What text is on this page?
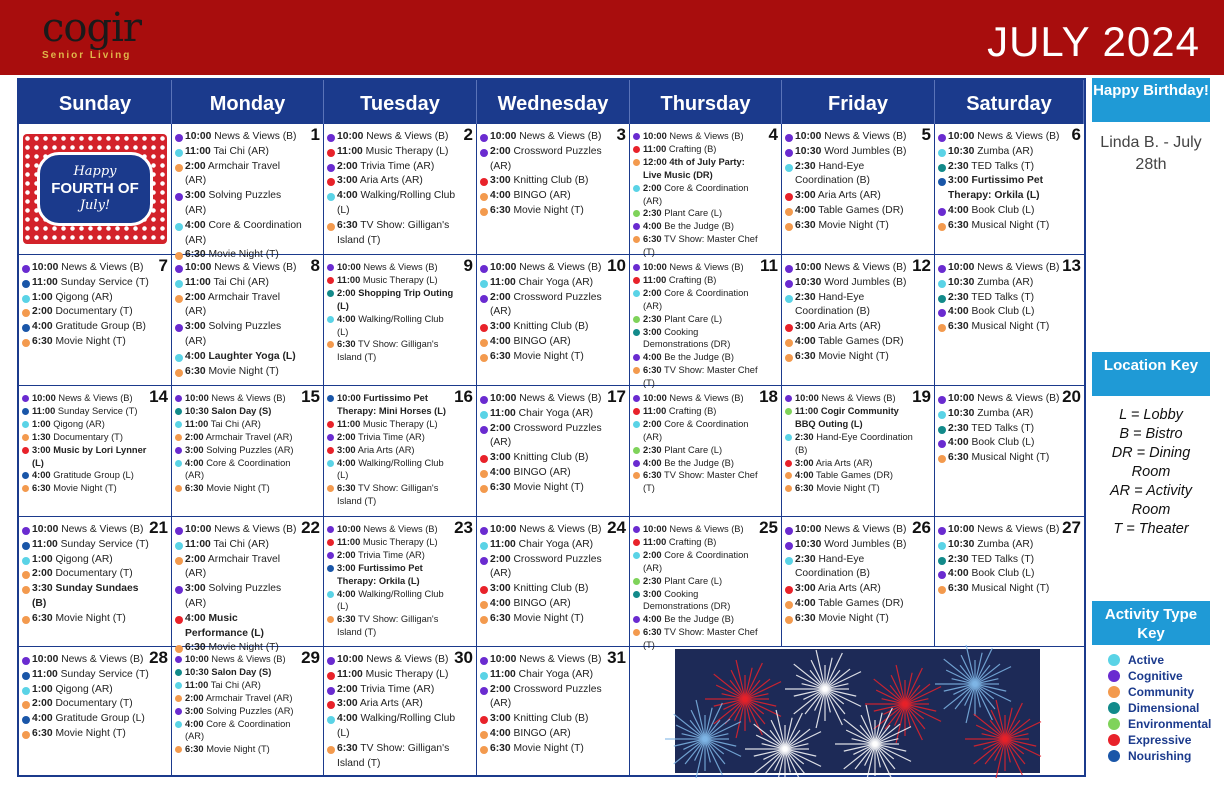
cogir
Senior Living	JULY 2024
Sunday	Monday	Tuesday	Wednesday	Thursday	Friday	Saturday
Happy
FOURTH OF
July!
1
10:00 News & Views (B)
11:00 Tai Chi (AR)
2:00 Armchair Travel (AR)
3:00 Solving Puzzles (AR)
4:00 Core & Coordination (AR)
6:30 Movie Night (T)
2
10:00 News & Views (B)
11:00 Music Therapy (L)
2:00 Trivia Time (AR)
3:00 Aria Arts (AR)
4:00 Walking/Rolling Club (L)
6:30 TV Show: Gilligan's Island (T)
3
10:00 News & Views (B)
2:00 Crossword Puzzles (AR)
3:00 Knitting Club (B)
4:00 BINGO (AR)
6:30 Movie Night (T)
4
10:00 News & Views (B)
11:00 Crafting (B)
12:00 4th of July Party: Live Music (DR)
2:00 Core & Coordination (AR)
2:30 Plant Care (L)
4:00 Be the Judge (B)
6:30 TV Show: Master Chef (T)
5
10:00 News & Views (B)
10:30 Word Jumbles (B)
2:30 Hand-Eye Coordination (B)
3:00 Aria Arts (AR)
4:00 Table Games (DR)
6:30 Movie Night (T)
6
10:00 News & Views (B)
10:30 Zumba (AR)
2:30 TED Talks (T)
3:00 Furtissimo Pet Therapy: Orkila (L)
4:00 Book Club (L)
6:30 Musical Night (T)
7
10:00 News & Views (B)
11:00 Sunday Service (T)
1:00 Qigong (AR)
2:00 Documentary (T)
4:00 Gratitude Group (B)
6:30 Movie Night (T)
8
10:00 News & Views (B)
11:00 Tai Chi (AR)
2:00 Armchair Travel (AR)
3:00 Solving Puzzles (AR)
4:00 Laughter Yoga (L)
6:30 Movie Night (T)
9
10:00 News & Views (B)
11:00 Music Therapy (L)
2:00 Shopping Trip Outing (L)
4:00 Walking/Rolling Club (L)
6:30 TV Show: Gilligan's Island (T)
10
10:00 News & Views (B)
11:00 Chair Yoga (AR)
2:00 Crossword Puzzles (AR)
3:00 Knitting Club (B)
4:00 BINGO (AR)
6:30 Movie Night (T)
11
10:00 News & Views (B)
11:00 Crafting (B)
2:00 Core & Coordination (AR)
2:30 Plant Care (L)
3:00 Cooking Demonstrations (DR)
4:00 Be the Judge (B)
6:30 TV Show: Master Chef (T)
12
10:00 News & Views (B)
10:30 Word Jumbles (B)
2:30 Hand-Eye Coordination (B)
3:00 Aria Arts (AR)
4:00 Table Games (DR)
6:30 Movie Night (T)
13
10:00 News & Views (B)
10:30 Zumba (AR)
2:30 TED Talks (T)
4:00 Book Club (L)
6:30 Musical Night (T)
14
10:00 News & Views (B)
11:00 Sunday Service (T)
1:00 Qigong (AR)
1:30 Documentary (T)
3:00 Music by Lori Lynner (L)
4:00 Gratitude Group (L)
6:30 Movie Night (T)
15
10:00 News & Views (B)
10:30 Salon Day (S)
11:00 Tai Chi (AR)
2:00 Armchair Travel (AR)
3:00 Solving Puzzles (AR)
4:00 Core & Coordination (AR)
6:30 Movie Night (T)
16
10:00 Furtissimo Pet Therapy: Mini Horses (L)
11:00 Music Therapy (L)
2:00 Trivia Time (AR)
3:00 Aria Arts (AR)
4:00 Walking/Rolling Club (L)
6:30 TV Show: Gilligan's Island (T)
17
10:00 News & Views (B)
11:00 Chair Yoga (AR)
2:00 Crossword Puzzles (AR)
3:00 Knitting Club (B)
4:00 BINGO (AR)
6:30 Movie Night (T)
18
10:00 News & Views (B)
11:00 Crafting (B)
2:00 Core & Coordination (AR)
2:30 Plant Care (L)
4:00 Be the Judge (B)
6:30 TV Show: Master Chef (T)
19
10:00 News & Views (B)
11:00 Cogir Community BBQ Outing (L)
2:30 Hand-Eye Coordination (B)
3:00 Aria Arts (AR)
4:00 Table Games (DR)
6:30 Movie Night (T)
20
10:00 News & Views (B)
10:30 Zumba (AR)
2:30 TED Talks (T)
4:00 Book Club (L)
6:30 Musical Night (T)
21
10:00 News & Views (B)
11:00 Sunday Service (T)
1:00 Qigong (AR)
2:00 Documentary (T)
3:30 Sunday Sundaes (B)
6:30 Movie Night (T)
22
10:00 News & Views (B)
11:00 Tai Chi (AR)
2:00 Armchair Travel (AR)
3:00 Solving Puzzles (AR)
4:00 Music Performance (L)
6:30 Movie Night (T)
23
10:00 News & Views (B)
11:00 Music Therapy (L)
2:00 Trivia Time (AR)
3:00 Furtissimo Pet Therapy: Orkila (L)
4:00 Walking/Rolling Club (L)
6:30 TV Show: Gilligan's Island (T)
24
10:00 News & Views (B)
11:00 Chair Yoga (AR)
2:00 Crossword Puzzles (AR)
3:00 Knitting Club (B)
4:00 BINGO (AR)
6:30 Movie Night (T)
25
10:00 News & Views (B)
11:00 Crafting (B)
2:00 Core & Coordination (AR)
2:30 Plant Care (L)
3:00 Cooking Demonstrations (DR)
4:00 Be the Judge (B)
6:30 TV Show: Master Chef (T)
26
10:00 News & Views (B)
10:30 Word Jumbles (B)
2:30 Hand-Eye Coordination (B)
3:00 Aria Arts (AR)
4:00 Table Games (DR)
6:30 Movie Night (T)
27
10:00 News & Views (B)
10:30 Zumba (AR)
2:30 TED Talks (T)
4:00 Book Club (L)
6:30 Musical Night (T)
28
10:00 News & Views (B)
11:00 Sunday Service (T)
1:00 Qigong (AR)
2:00 Documentary (T)
4:00 Gratitude Group (L)
6:30 Movie Night (T)
29
10:00 News & Views (B)
10:30 Salon Day (S)
11:00 Tai Chi (AR)
2:00 Armchair Travel (AR)
3:00 Solving Puzzles (AR)
4:00 Core & Coordination (AR)
6:30 Movie Night (T)
30
10:00 News & Views (B)
11:00 Music Therapy (L)
2:00 Trivia Time (AR)
3:00 Aria Arts (AR)
4:00 Walking/Rolling Club (L)
6:30 TV Show: Gilligan's Island (T)
31
10:00 News & Views (B)
11:00 Chair Yoga (AR)
2:00 Crossword Puzzles (AR)
3:00 Knitting Club (B)
4:00 BINGO (AR)
6:30 Movie Night (T)
Happy Birthday!
Linda B. - July 28th
Location Key
L = Lobby
B = Bistro
DR = Dining Room
AR = Activity Room
T = Theater
Activity Type Key
Active
Cognitive
Community
Dimensional
Environmental
Expressive
Nourishing
